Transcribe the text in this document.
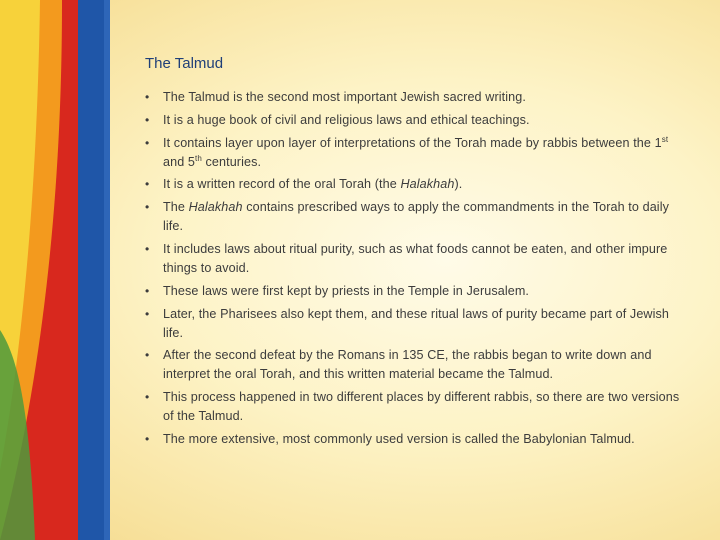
The Talmud
• The Talmud is the second most important Jewish sacred writing.
• It is a huge book of civil and religious laws and ethical teachings.
• It contains layer upon layer of interpretations of the Torah made by rabbis between the 1st and 5th centuries.
• It is a written record of the oral Torah (the Halakhah).
• The Halakhah contains prescribed ways to apply the commandments in the Torah to daily life.
• It includes laws about ritual purity, such as what foods cannot be eaten, and other impure things to avoid.
• These laws were first kept by priests in the Temple in Jerusalem.
• Later, the Pharisees also kept them, and these ritual laws of purity became part of Jewish life.
• After the second defeat by the Romans in 135 CE, the rabbis began to write down and interpret the oral Torah, and this written material became the Talmud.
• This process happened in two different places by different rabbis, so there are two versions of the Talmud.
• The more extensive, most commonly used version is called the Babylonian Talmud.
